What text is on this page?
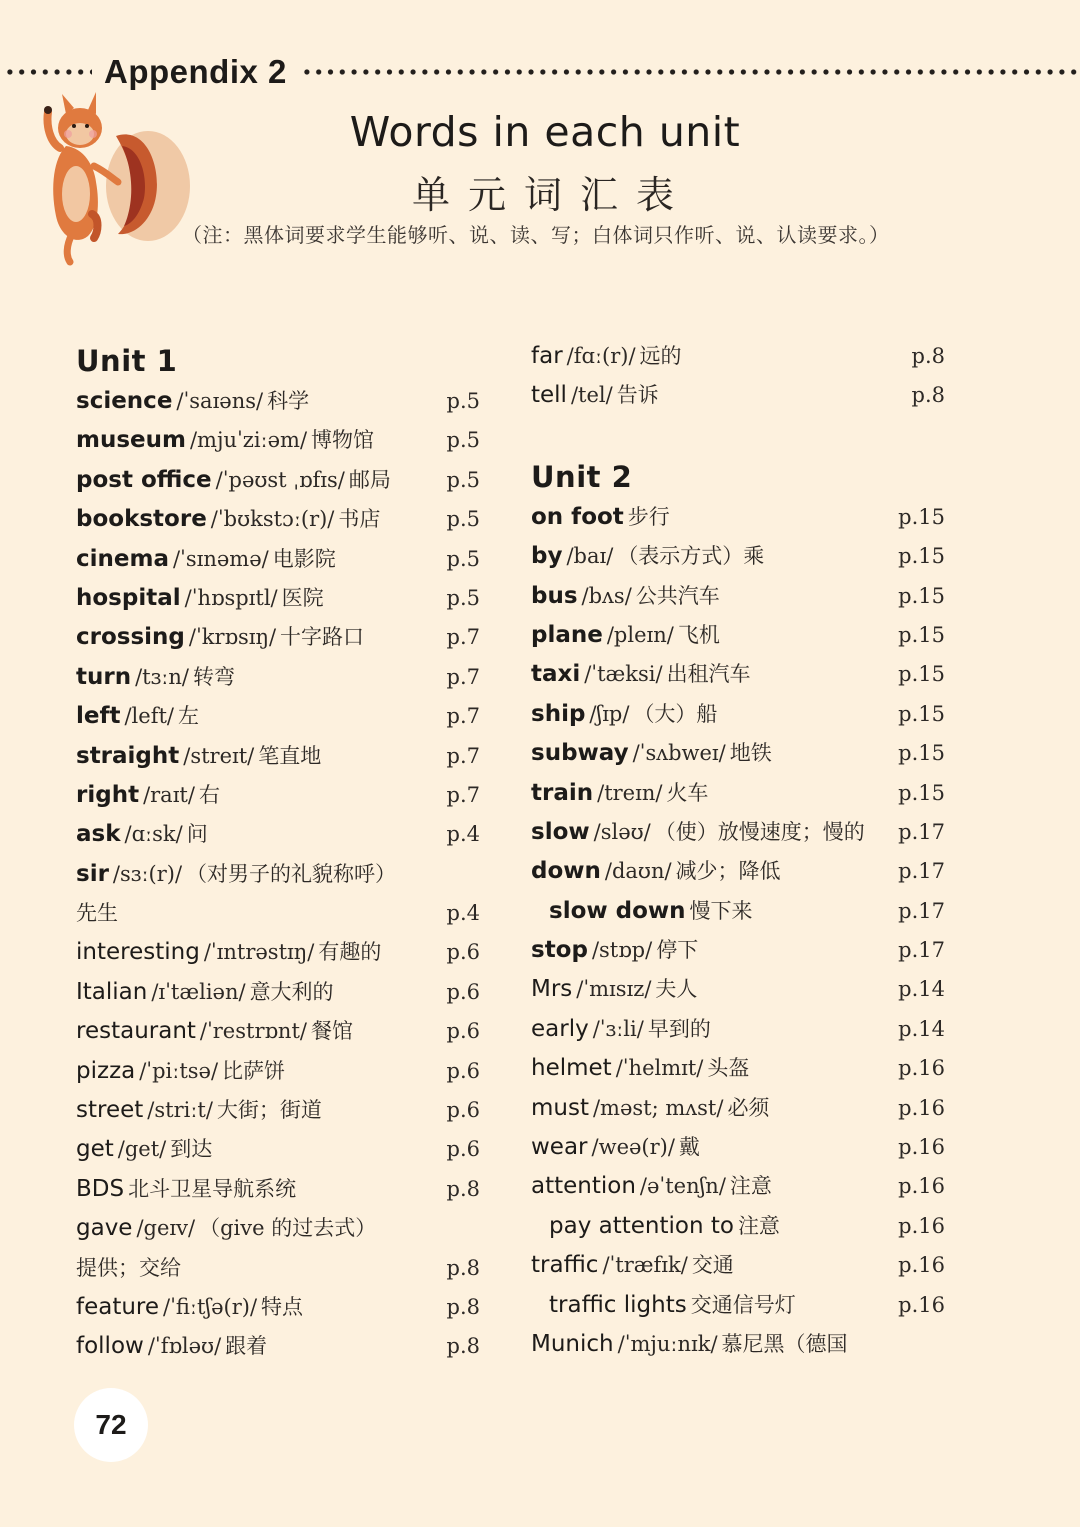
Appendix 2
Words in each unit
单元词汇表
（注：黑体词要求学生能够听、说、读、写；白体词只作听、说、认读要求。）
Unit 1
science /ˈsaɪəns/ 科学	p.5
museum /mjuˈziːəm/ 博物馆	p.5
post office /ˈpəʊst ˌɒfɪs/ 邮局	p.5
bookstore /ˈbʊkstɔː(r)/ 书店	p.5
cinema /ˈsɪnəmə/ 电影院	p.5
hospital /ˈhɒspɪtl/ 医院	p.5
crossing /ˈkrɒsɪŋ/ 十字路口	p.7
turn /tɜːn/ 转弯	p.7
left /left/ 左	p.7
straight /streɪt/ 笔直地	p.7
right /raɪt/ 右	p.7
ask /ɑːsk/ 问	p.4
sir /sɜː(r)/ （对男子的礼貌称呼）
先生	p.4
interesting /ˈɪntrəstɪŋ/ 有趣的	p.6
Italian /ɪˈtæliən/ 意大利的	p.6
restaurant /ˈrestrɒnt/ 餐馆	p.6
pizza /ˈpiːtsə/ 比萨饼	p.6
street /striːt/ 大街；街道	p.6
get /get/ 到达	p.6
BDS 北斗卫星导航系统	p.8
gave /geɪv/ （give 的过去式）
提供；交给	p.8
feature /ˈfiːtʃə(r)/ 特点	p.8
follow /ˈfɒləʊ/ 跟着	p.8
far /fɑː(r)/ 远的	p.8
tell /tel/ 告诉	p.8
Unit 2
on foot 步行	p.15
by /baɪ/ （表示方式）乘	p.15
bus /bʌs/ 公共汽车	p.15
plane /pleɪn/ 飞机	p.15
taxi /ˈtæksi/ 出租汽车	p.15
ship /ʃɪp/ （大）船	p.15
subway /ˈsʌbweɪ/ 地铁	p.15
train /treɪn/ 火车	p.15
slow /sləʊ/ （使）放慢速度；慢的 p.17
down /daʊn/ 减少；降低	p.17
slow down 慢下来	p.17
stop /stɒp/ 停下	p.17
Mrs /ˈmɪsɪz/ 夫人	p.14
early /ˈɜːli/ 早到的	p.14
helmet /ˈhelmɪt/ 头盔	p.16
must /məst; mʌst/ 必须	p.16
wear /weə(r)/ 戴	p.16
attention /əˈtenʃn/ 注意	p.16
pay attention to 注意	p.16
traffic /ˈtræfɪk/ 交通	p.16
traffic lights 交通信号灯	p.16
Munich /ˈmjuːnɪk/ 慕尼黑（德国
72
